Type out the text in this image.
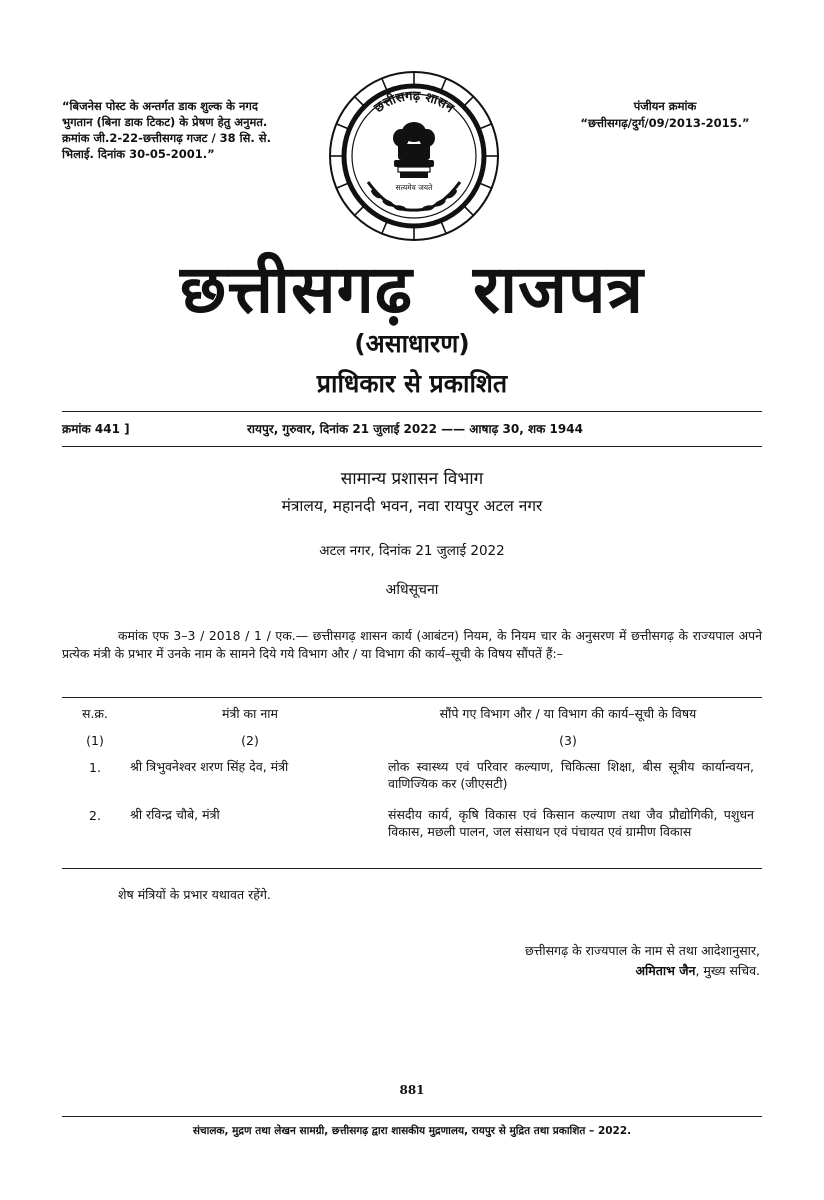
“बिजनेस पोस्ट के अन्तर्गत डाक शुल्क के नगद भुगतान (बिना डाक टिकट) के प्रेषण हेतु अनुमत. क्रमांक जी.2-22-छत्तीसगढ़ गजट / 38 सि. से. भिलाई. दिनांक 30-05-2001.”
छत्तीसगढ़ शासन
सत्यमेव जयते
पंजीयन क्रमांक
“छत्तीसगढ़/दुर्ग/09/2013-2015.”
छत्तीसगढ़ राजपत्र
(असाधारण)
प्राधिकार से प्रकाशित
क्रमांक 441 ]	रायपुर, गुरुवार, दिनांक 21 जुलाई 2022 —— आषाढ़ 30, शक 1944
सामान्य प्रशासन विभाग
मंत्रालय, महानदी भवन, नवा रायपुर अटल नगर
अटल नगर, दिनांक 21 जुलाई 2022
अधिसूचना
कमांक एफ 3–3 / 2018 / 1 / एक.— छत्तीसगढ़ शासन कार्य (आबंटन) नियम, के नियम चार के अनुसरण में छत्तीसगढ़ के राज्यपाल अपने प्रत्येक मंत्री के प्रभार में उनके नाम के सामने दिये गये विभाग और / या विभाग की कार्य–सूची के विषय सौंपतें हैं:–
स.क्र.	मंत्री का नाम	सौंपे गए विभाग और / या विभाग की कार्य–सूची के विषय
(1)	(2)	(3)
1.	श्री त्रिभुवनेश्वर शरण सिंह देव, मंत्री	लोक स्वास्थ्य एवं परिवार कल्याण, चिकित्सा शिक्षा, बीस सूत्रीय कार्यान्वयन, वाणिज्यिक कर (जीएसटी)
2.	श्री रविन्द्र चौबे, मंत्री	संसदीय कार्य, कृषि विकास एवं किसान कल्याण तथा जैव प्रौद्योगिकी, पशुधन विकास, मछली पालन, जल संसाधन एवं पंचायत एवं ग्रामीण विकास
शेष मंत्रियों के प्रभार यथावत रहेंगे.
छत्तीसगढ़ के राज्यपाल के नाम से तथा आदेशानुसार,
अमिताभ जैन, मुख्य सचिव.
881
संचालक, मुद्रण तथा लेखन सामग्री, छत्तीसगढ़ द्वारा शासकीय मुद्रणालय, रायपुर से मुद्रित तथा प्रकाशित – 2022.
